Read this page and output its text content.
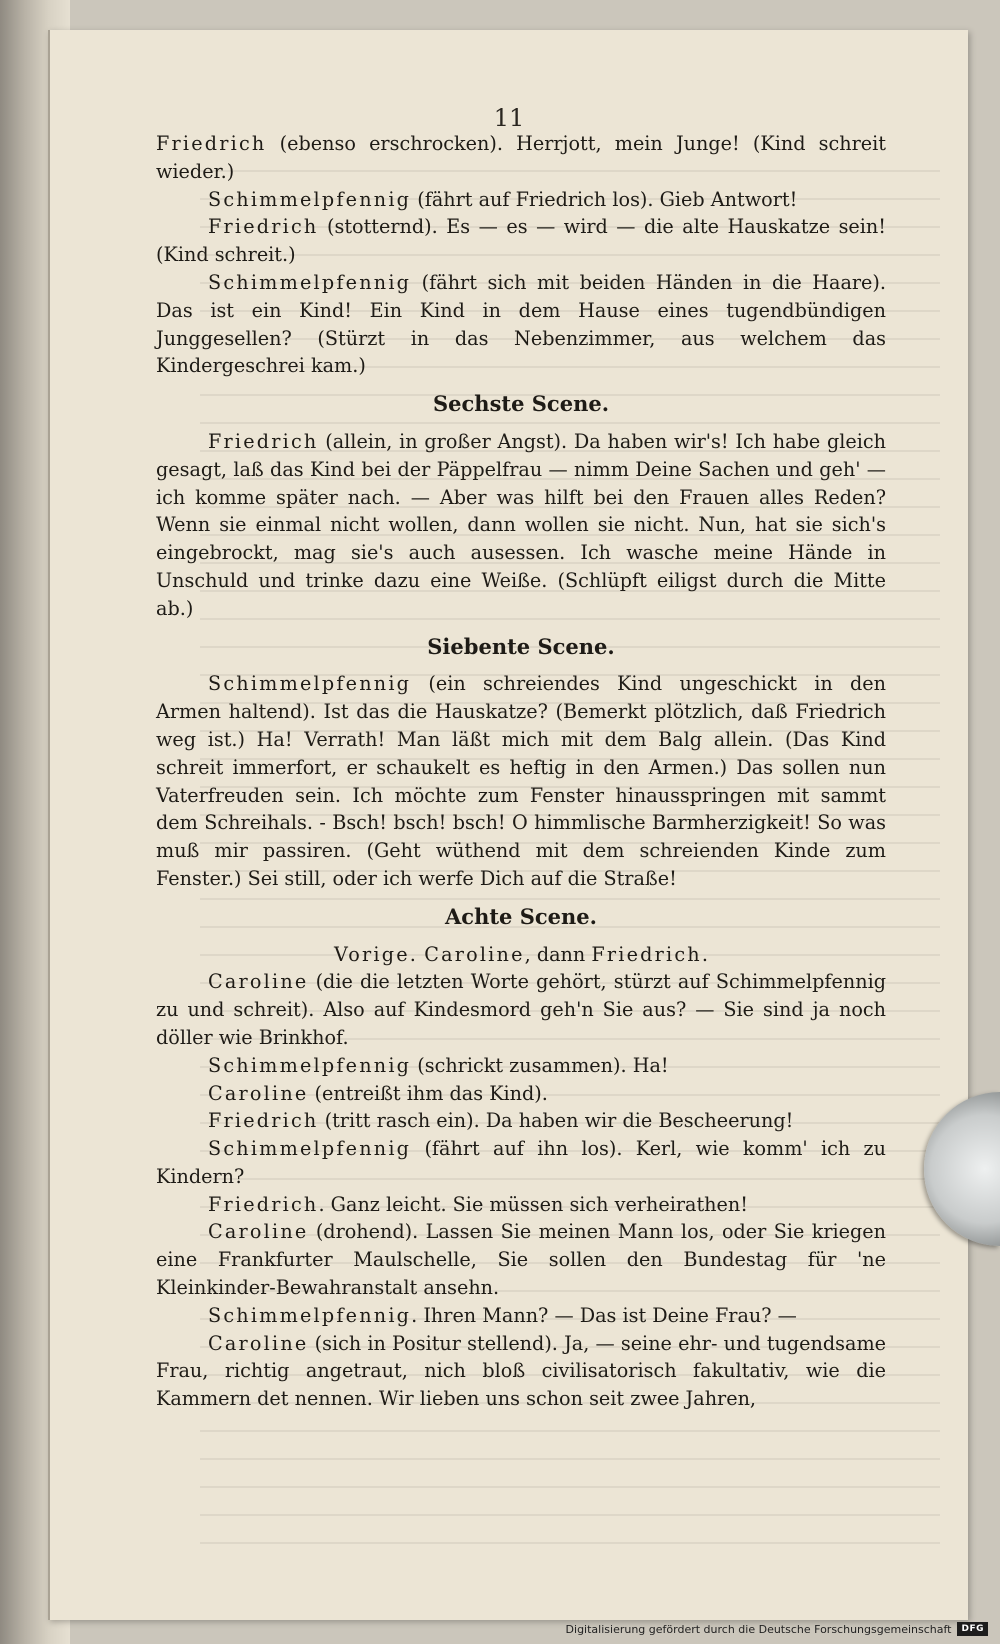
11

Friedrich (ebenso erschrocken). Herrjott, mein Junge! (Kind schreit wieder.)

Schimmelpfennig (fährt auf Friedrich los). Gieb Antwort!

Friedrich (stotternd). Es — es — wird — die alte Hauskatze sein! (Kind schreit.)

Schimmelpfennig (fährt sich mit beiden Händen in die Haare). Das ist ein Kind! Ein Kind in dem Hause eines tugendbündigen Junggesellen? (Stürzt in das Nebenzimmer, aus welchem das Kindergeschrei kam.)

Sechste Scene.

Friedrich (allein, in großer Angst). Da haben wir's! Ich habe gleich gesagt, laß das Kind bei der Päppelfrau — nimm Deine Sachen und geh' — ich komme später nach. — Aber was hilft bei den Frauen alles Reden? Wenn sie einmal nicht wollen, dann wollen sie nicht. Nun, hat sie sich's eingebrockt, mag sie's auch ausessen. Ich wasche meine Hände in Unschuld und trinke dazu eine Weiße. (Schlüpft eiligst durch die Mitte ab.)

Siebente Scene.

Schimmelpfennig (ein schreiendes Kind ungeschickt in den Armen haltend). Ist das die Hauskatze? (Bemerkt plötzlich, daß Friedrich weg ist.) Ha! Verrath! Man läßt mich mit dem Balg allein. (Das Kind schreit immerfort, er schaukelt es heftig in den Armen.) Das sollen nun Vaterfreuden sein. Ich möchte zum Fenster hinausspringen mit sammt dem Schreihals. - Bsch! bsch! bsch! O himmlische Barmherzigkeit! So was muß mir passiren. (Geht wüthend mit dem schreienden Kinde zum Fenster.) Sei still, oder ich werfe Dich auf die Straße!

Achte Scene.

Vorige. Caroline, dann Friedrich.

Caroline (die die letzten Worte gehört, stürzt auf Schimmelpfennig zu und schreit). Also auf Kindesmord geh'n Sie aus? — Sie sind ja noch döller wie Brinkhof.

Schimmelpfennig (schrickt zusammen). Ha!

Caroline (entreißt ihm das Kind).

Friedrich (tritt rasch ein). Da haben wir die Bescheerung!

Schimmelpfennig (fährt auf ihn los). Kerl, wie komm' ich zu Kindern?

Friedrich. Ganz leicht. Sie müssen sich verheirathen!

Caroline (drohend). Lassen Sie meinen Mann los, oder Sie kriegen eine Frankfurter Maulschelle, Sie sollen den Bundestag für 'ne Kleinkinder-Bewahranstalt ansehn.

Schimmelpfennig. Ihren Mann? — Das ist Deine Frau? —

Caroline (sich in Positur stellend). Ja, — seine ehr- und tugendsame Frau, richtig angetraut, nich bloß civilisatorisch fakultativ, wie die Kammern det nennen. Wir lieben uns schon seit zwee Jahren,

Digitalisierung gefördert durch die Deutsche Forschungsgemeinschaft	DFG
